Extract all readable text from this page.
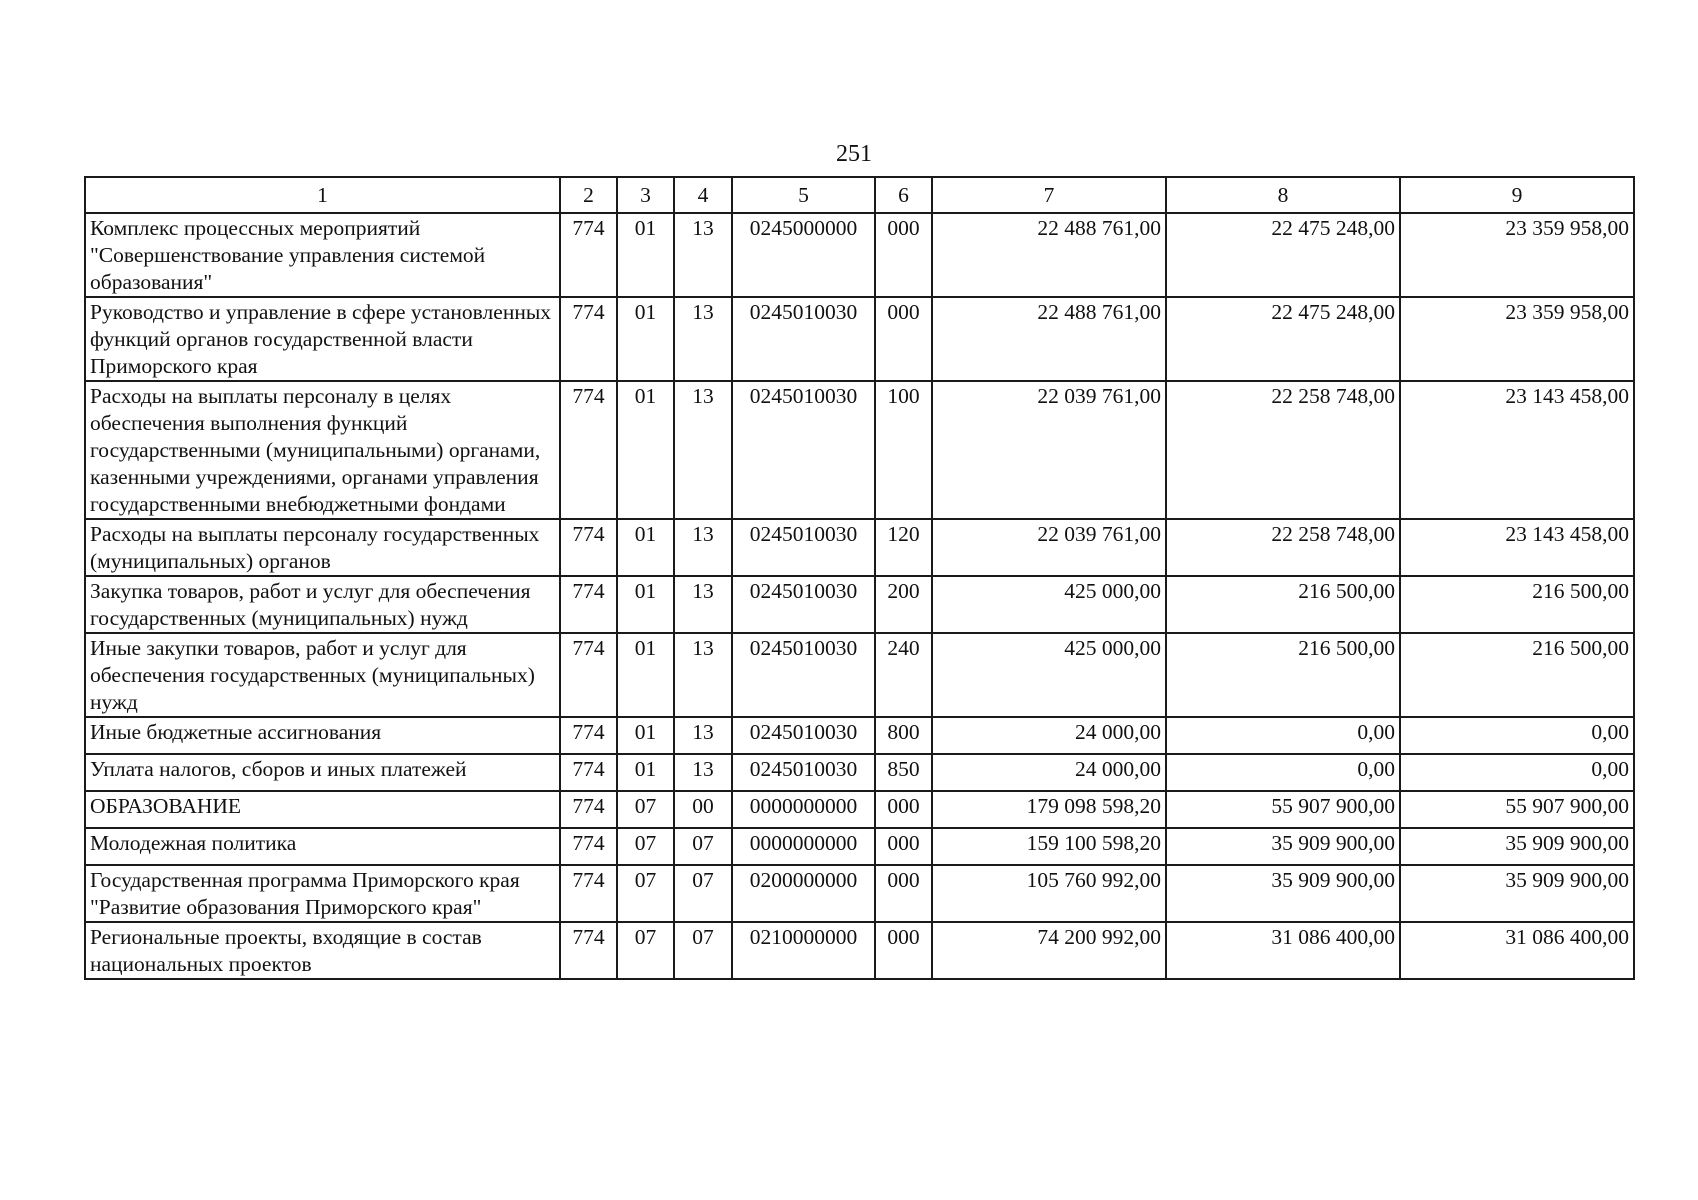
251
1	2	3	4	5	6	7	8	9
Комплекс процессных мероприятий "Совершенствование управления системой образования"	774	01	13	0245000000	000	22 488 761,00	22 475 248,00	23 359 958,00
Руководство и управление в сфере установленных функций органов государственной власти Приморского края	774	01	13	0245010030	000	22 488 761,00	22 475 248,00	23 359 958,00
Расходы на выплаты персоналу в целях обеспечения выполнения функций государственными (муниципальными) органами, казенными учреждениями, органами управления государственными внебюджетными фондами	774	01	13	0245010030	100	22 039 761,00	22 258 748,00	23 143 458,00
Расходы на выплаты персоналу государственных (муниципальных) органов	774	01	13	0245010030	120	22 039 761,00	22 258 748,00	23 143 458,00
Закупка товаров, работ и услуг для обеспечения государственных (муниципальных) нужд	774	01	13	0245010030	200	425 000,00	216 500,00	216 500,00
Иные закупки товаров, работ и услуг для обеспечения государственных (муниципальных) нужд	774	01	13	0245010030	240	425 000,00	216 500,00	216 500,00
Иные бюджетные ассигнования	774	01	13	0245010030	800	24 000,00	0,00	0,00
Уплата налогов, сборов и иных платежей	774	01	13	0245010030	850	24 000,00	0,00	0,00
ОБРАЗОВАНИЕ	774	07	00	0000000000	000	179 098 598,20	55 907 900,00	55 907 900,00
Молодежная политика	774	07	07	0000000000	000	159 100 598,20	35 909 900,00	35 909 900,00
Государственная программа Приморского края "Развитие образования Приморского края"	774	07	07	0200000000	000	105 760 992,00	35 909 900,00	35 909 900,00
Региональные проекты, входящие в состав национальных проектов	774	07	07	0210000000	000	74 200 992,00	31 086 400,00	31 086 400,00
